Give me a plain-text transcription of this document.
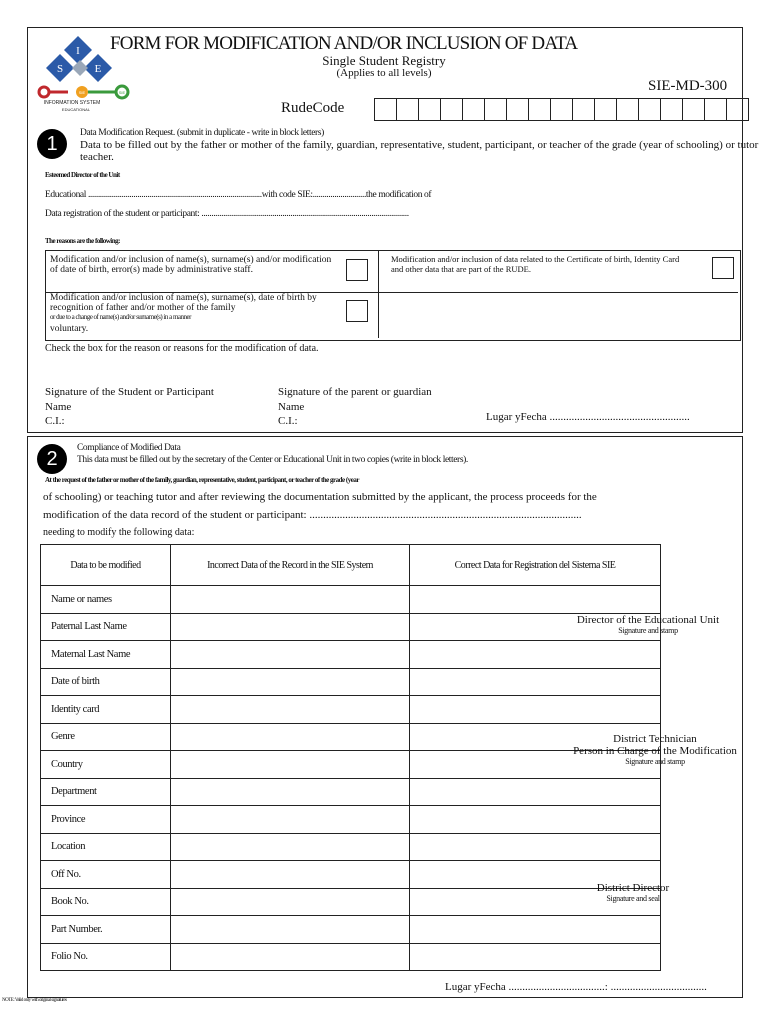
I
S	E
SIE	SIE
INFORMATION SYSTEM
EDUCATIONAL
FORM FOR MODIFICATION AND/OR INCLUSION OF DATA
Single Student Registry
(Applies to all levels)
SIE-MD-300
RudeCode
1	Data Modification Request. (submit in duplicate - write in block letters)
Data to be filled out by the father or mother of the family, guardian, representative, student, participant, or teacher of the grade (year of schooling) or tutor teacher.
Esteemed Director of the Unit
Educational ........................................................................................with code SIE:...........................the modification of
Data registration of the student or participant: .........................................................................................................
The reasons are the following:
Modification and/or inclusion of name(s), surname(s) and/or modification of date of birth, error(s) made by administrative staff.
Modification and/or inclusion of data related to the Certificate of birth, Identity Card and other data that are part of the RUDE.
Modification and/or inclusion of name(s), surname(s), date of birth by recognition of father and/or mother of the family
or due to a change of name(s) and/or surname(s) in a manner
voluntary.
Check the box for the reason or reasons for the modification of data.
Signature of the Student or Participant
Name
C.I.:
Signature of the parent or guardian
Name
C.I.:	Lugar yFecha ...................................................
2	Compliance of Modified Data
This data must be filled out by the secretary of the Center or Educational Unit in two copies (write in block letters).
At the request of the father or mother of the family, guardian, representative, student, participant, or teacher of the grade (year
of schooling) or teaching tutor and after reviewing the documentation submitted by the applicant, the process proceeds for the
modification of the data record of the student or participant: ...................................................................................................
needing to modify the following data:
Data to be modified	Incorrect Data of the Record in the SIE System	Correct Data for Registration del Sistema SIE
Name or names		
Paternal Last Name		
Maternal Last Name		
Date of birth		
Identity card		
Genre		
Country		
Department		
Province		
Location		
Off No.		
Book No.		
Part Number.		
Folio No.		
Director of the Educational Unit
Signature and stamp
District Technician
Person in Charge of the Modification
Signature and stamp
District Director
Signature and seal
Lugar yFecha ...................................: ...................................
NOTE: Valid only with original signatures
